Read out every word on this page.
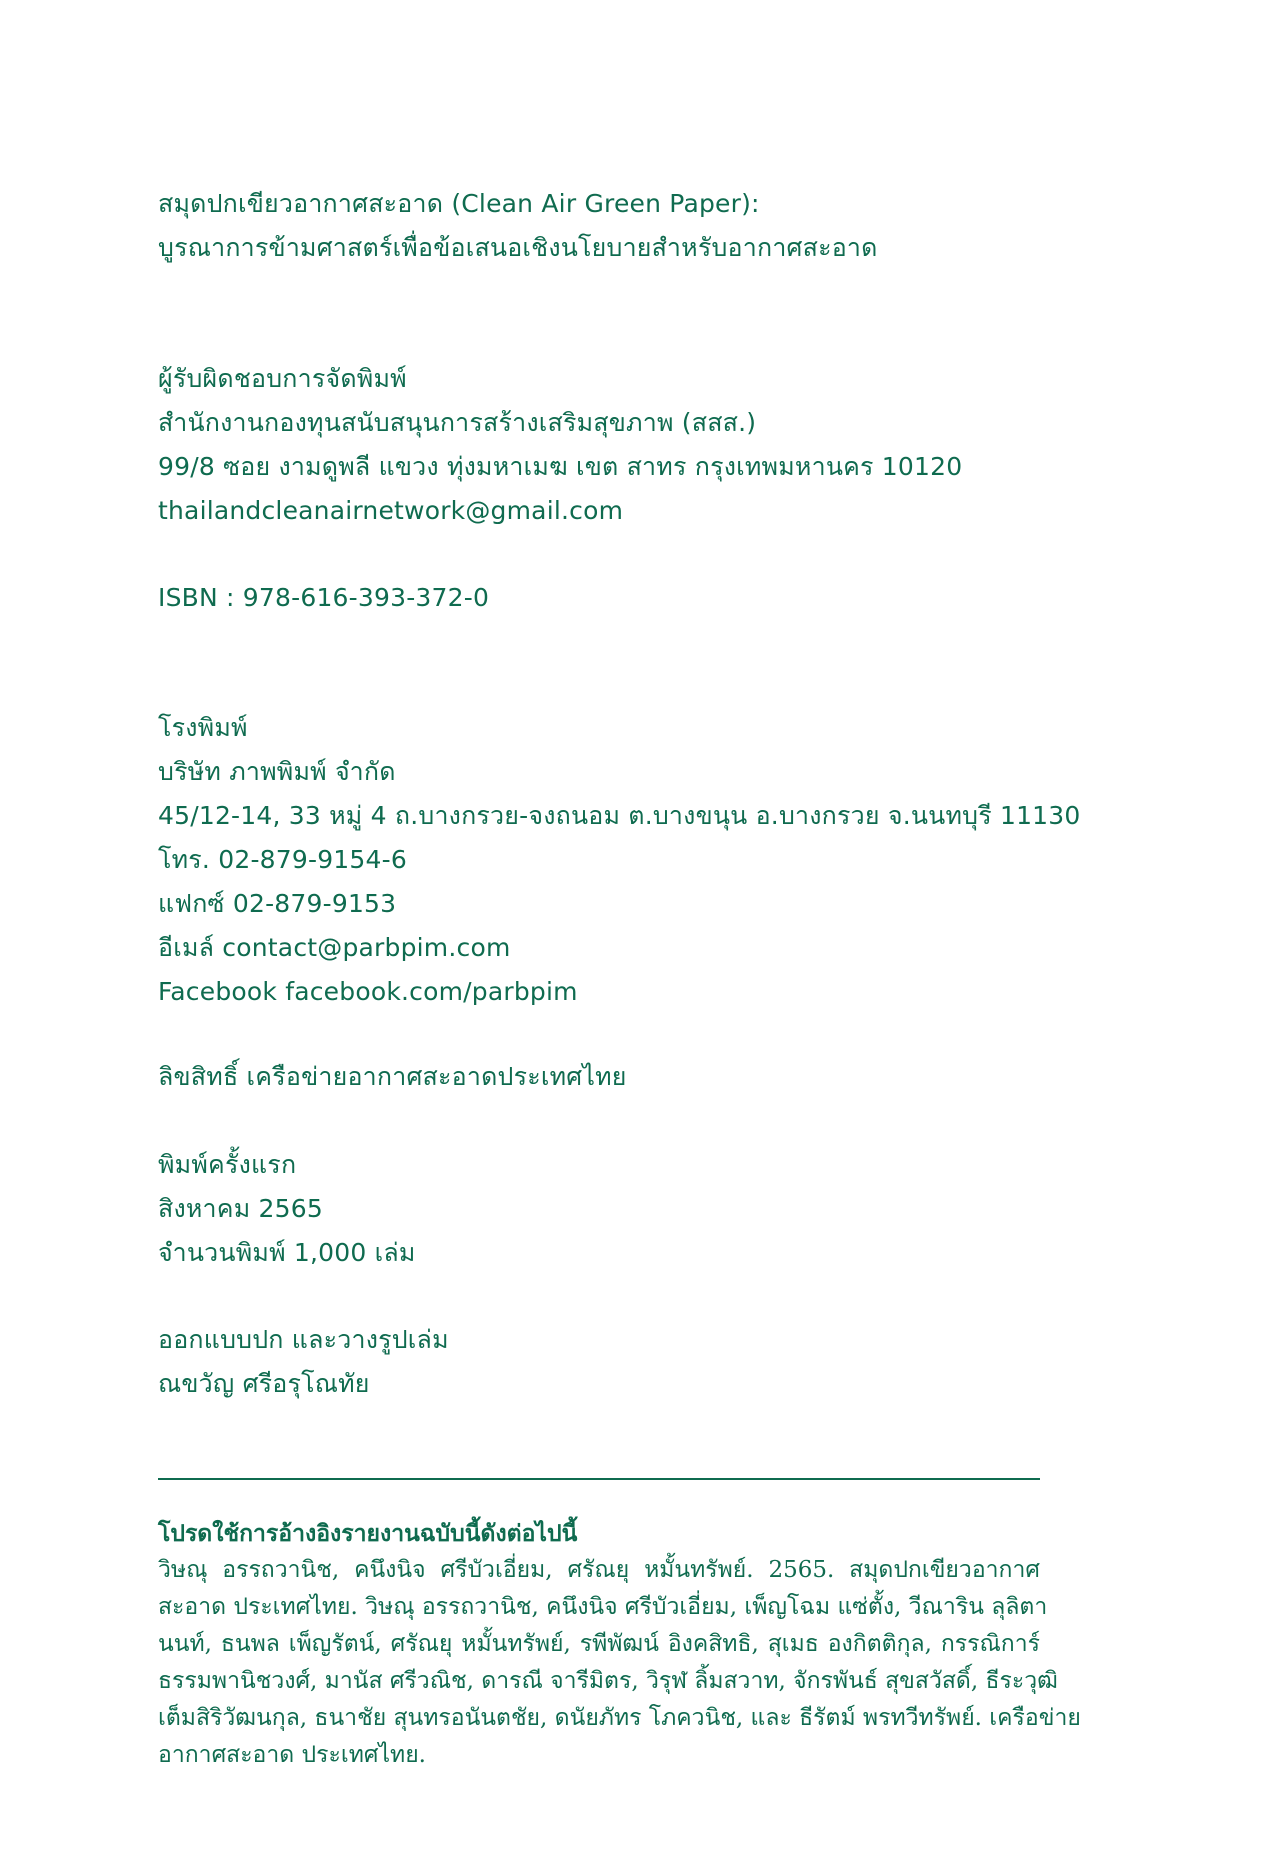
สมุดปกเขียวอากาศสะอาด (Clean Air Green Paper):
บูรณาการข้ามศาสตร์เพื่อข้อเสนอเชิงนโยบายสำหรับอากาศสะอาด
ผู้รับผิดชอบการจัดพิมพ์
สำนักงานกองทุนสนับสนุนการสร้างเสริมสุขภาพ (สสส.)
99/8 ซอย งามดูพลี แขวง ทุ่งมหาเมฆ เขต สาทร กรุงเทพมหานคร 10120
thailandcleanairnetwork@gmail.com
ISBN : 978-616-393-372-0
โรงพิมพ์
บริษัท ภาพพิมพ์ จำกัด
45/12-14, 33 หมู่ 4 ถ.บางกรวย-จงถนอม ต.บางขนุน อ.บางกรวย จ.นนทบุรี 11130
โทร. 02-879-9154-6
แฟกซ์ 02-879-9153
อีเมล์ contact@parbpim.com
Facebook facebook.com/parbpim
ลิขสิทธิ์ เครือข่ายอากาศสะอาดประเทศไทย
พิมพ์ครั้งแรก
สิงหาคม 2565
จำนวนพิมพ์ 1,000 เล่ม
ออกแบบปก และวางรูปเล่ม
ณขวัญ ศรีอรุโณทัย
โปรดใช้การอ้างอิงรายงานฉบับนี้ดังต่อไปนี้
วิษณุ อรรถวานิช, คนึงนิจ ศรีบัวเอี่ยม, ศรัณยุ หมั้นทรัพย์. 2565. สมุดปกเขียวอากาศ
สะอาด ประเทศไทย. วิษณุ อรรถวานิช, คนึงนิจ ศรีบัวเอี่ยม, เพ็ญโฉม แซ่ตั้ง, วีณาริน ลุลิตา
นนท์, ธนพล เพ็ญรัตน์, ศรัณยุ หมั้นทรัพย์, รพีพัฒน์ อิงคสิทธิ, สุเมธ องกิตติกุล, กรรณิการ์
ธรรมพานิชวงศ์, มานัส ศรีวณิช, ดารณี จารีมิตร, วิรุฬ ลิ้มสวาท, จักรพันธ์ สุขสวัสดิ์, ธีระวุฒิ
เต็มสิริวัฒนกุล, ธนาชัย สุนทรอนันตชัย, ดนัยภัทร โภควนิช, และ ธีรัตม์ พรทวีทรัพย์. เครือข่าย
อากาศสะอาด ประเทศไทย.
